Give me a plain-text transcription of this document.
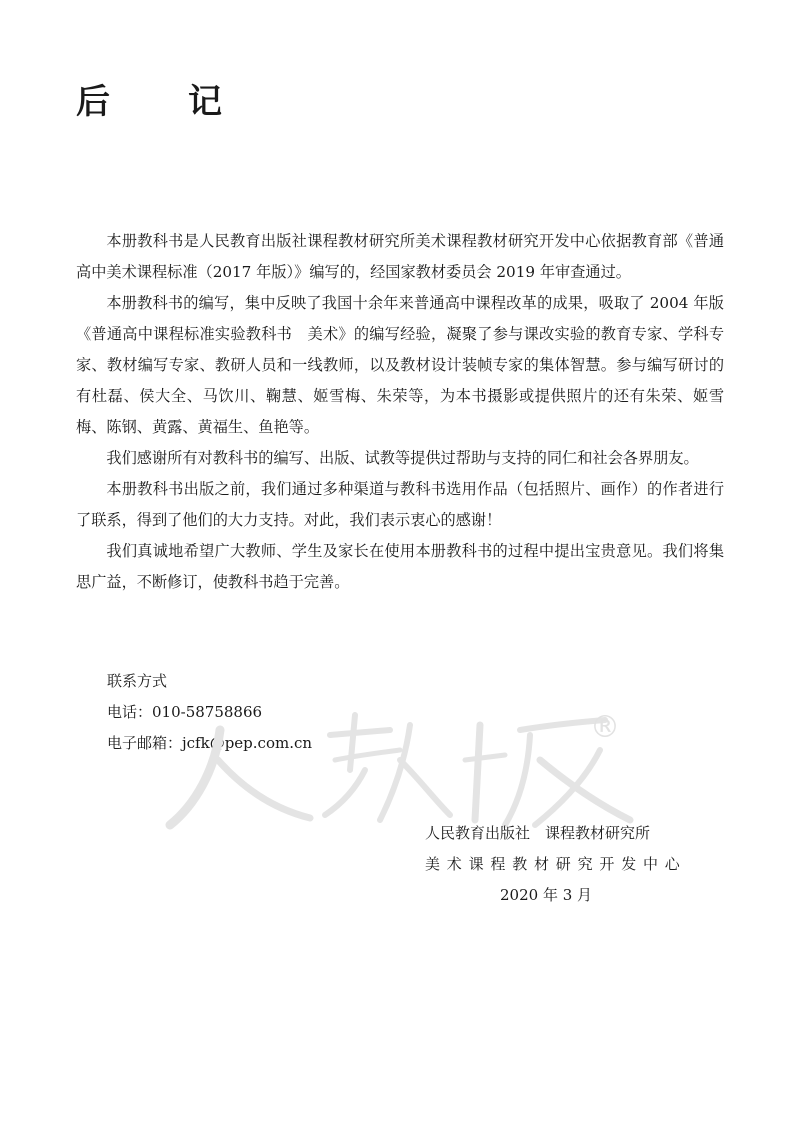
后　记

本册教科书是人民教育出版社课程教材研究所美术课程教材研究开发中心依据教育部《普通高中美术课程标准（2017 年版）》编写的，经国家教材委员会 2019 年审查通过。

本册教科书的编写，集中反映了我国十余年来普通高中课程改革的成果，吸取了 2004 年版《普通高中课程标准实验教科书　美术》的编写经验，凝聚了参与课改实验的教育专家、学科专家、教材编写专家、教研人员和一线教师，以及教材设计装帧专家的集体智慧。参与编写研讨的有杜磊、侯大全、马饮川、鞠慧、姬雪梅、朱荣等，为本书摄影或提供照片的还有朱荣、姬雪梅、陈钢、黄露、黄福生、鱼艳等。

我们感谢所有对教科书的编写、出版、试教等提供过帮助与支持的同仁和社会各界朋友。

本册教科书出版之前，我们通过多种渠道与教科书选用作品（包括照片、画作）的作者进行了联系，得到了他们的大力支持。对此，我们表示衷心的感谢！

我们真诚地希望广大教师、学生及家长在使用本册教科书的过程中提出宝贵意见。我们将集思广益，不断修订，使教科书趋于完善。

联系方式
电话：010-58758866
电子邮箱：jcfk@pep.com.cn	®
人民教育出版社　课程教材研究所
美术课程教材研究开发中心
2020 年 3 月
